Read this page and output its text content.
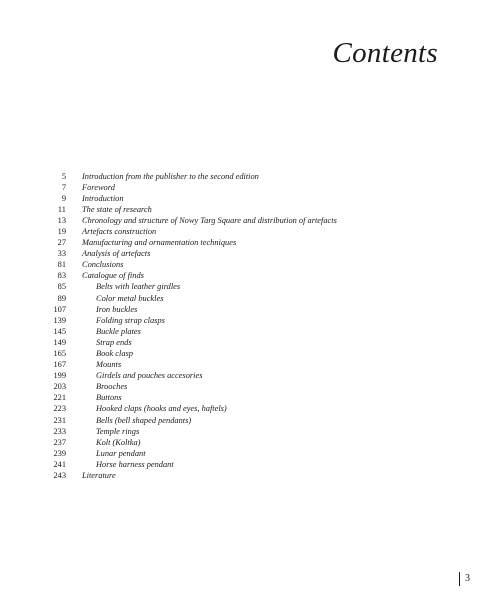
Contents
5 Introduction from the publisher to the second edition
7 Foreword
9 Introduction
11 The state of research
13 Chronology and structure of Nowy Targ Square and distribution of artefacts
19 Artefacts construction
27 Manufacturing and ornamentation techniques
33 Analysis of artefacts
81 Conclusions
83 Catalogue of finds
85	Belts with leather girdles
89	Color metal buckles
107	Iron buckles
139	Folding strap clasps
145	Buckle plates
149	Strap ends
165	Book clasp
167	Mounts
199	Girdels and pouches accesories
203	Brooches
221	Buttons
223	Hooked claps (hooks and eyes, haftels)
231	Bells (bell shaped pendants)
233	Temple rings
237	Kolt (Koltka)
239	Lunar pendant
241	Horse harness pendant
243 Literature
3
